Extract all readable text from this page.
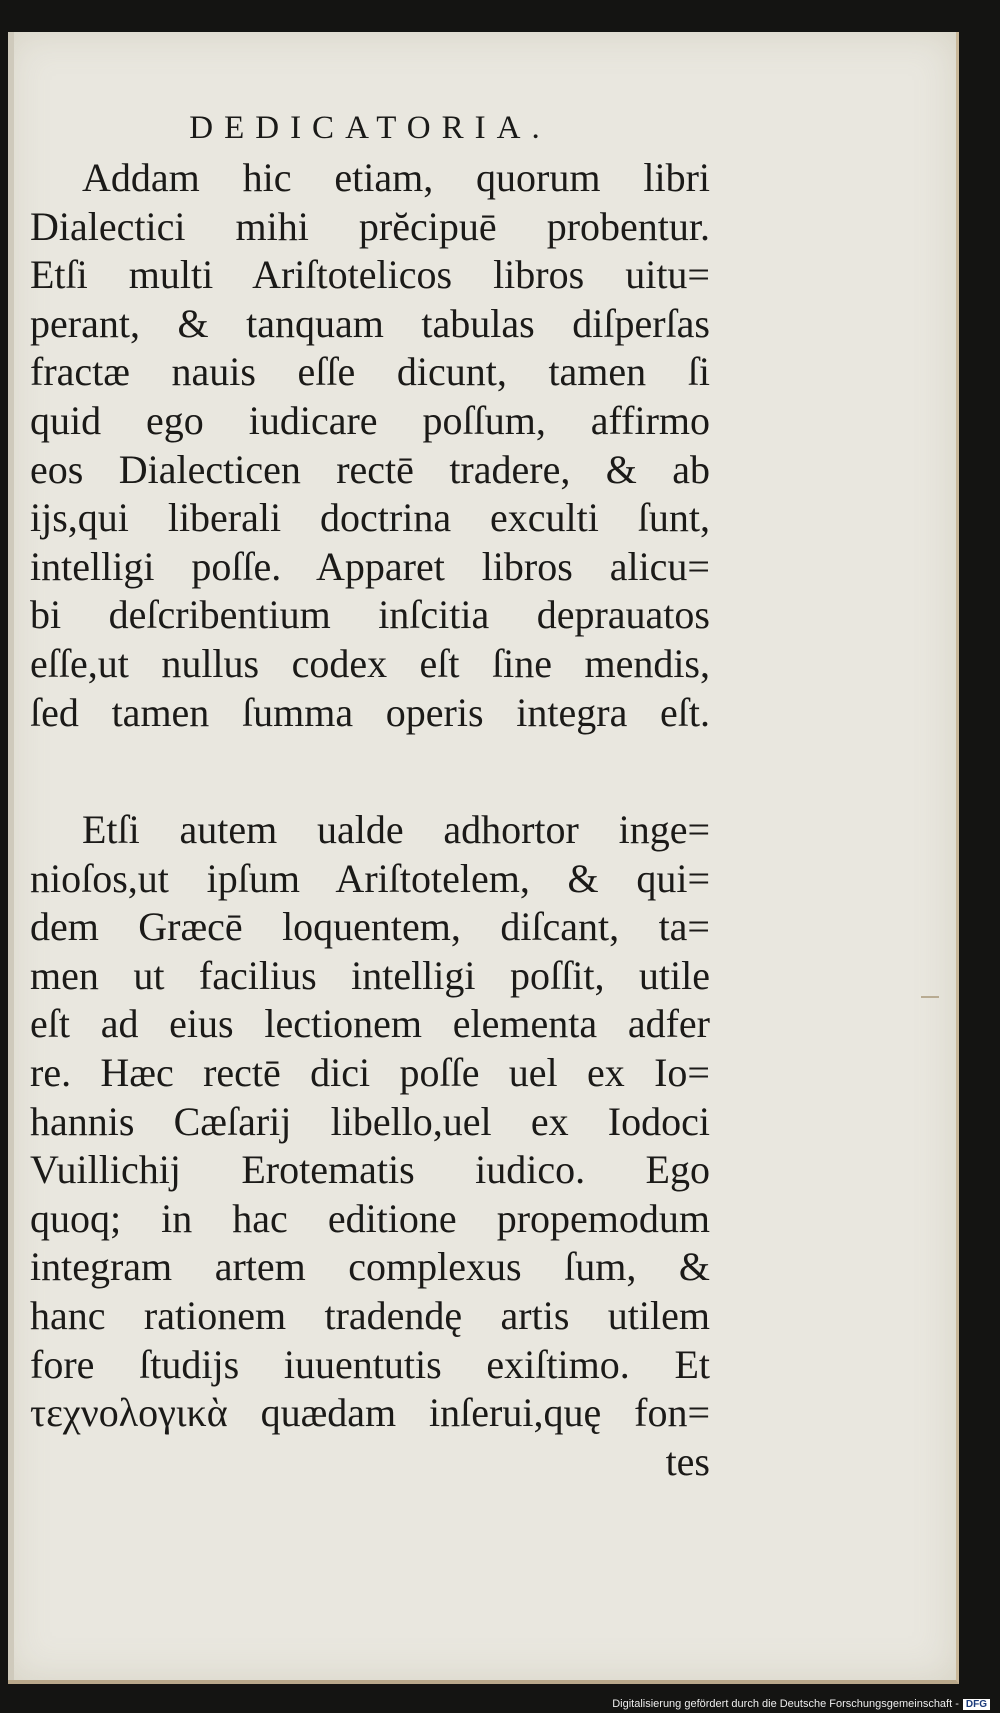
DEDICATORIA.
Addam hic etiam, quorum libri
Dialectici mihi prĕcipuē probentur.
Etſi multi Ariſtotelicos libros uitu=
perant, & tanquam tabulas diſperſas
fractæ nauis eſſe dicunt, tamen ſi
quid ego iudicare poſſum, affirmo
eos Dialecticen rectē tradere, & ab
ijs,qui liberali doctrina exculti ſunt,
intelligi poſſe. Apparet libros alicu=
bi deſcribentium inſcitia deprauatos
eſſe,ut nullus codex eſt ſine mendis,
ſed tamen ſumma operis integra eſt.
Etſi autem ualde adhortor inge=
nioſos,ut ipſum Ariſtotelem, & qui=
dem Græcē loquentem, diſcant, ta=
men ut facilius intelligi poſſit, utile
eſt ad eius lectionem elementa adfer
re. Hæc rectē dici poſſe uel ex Io=
hannis Cæſarij libello,uel ex Iodoci
Vuillichij Erotematis iudico. Ego
quoq; in hac editione propemodum
integram artem complexus ſum, &
hanc rationem tradendę artis utilem
fore ſtudijs iuuentutis exiſtimo. Et
τεχνολογικὰ quædam inſerui,quę fon=
tes
Digitalisierung gefördert durch die Deutsche Forschungsgemeinschaft - DFG
